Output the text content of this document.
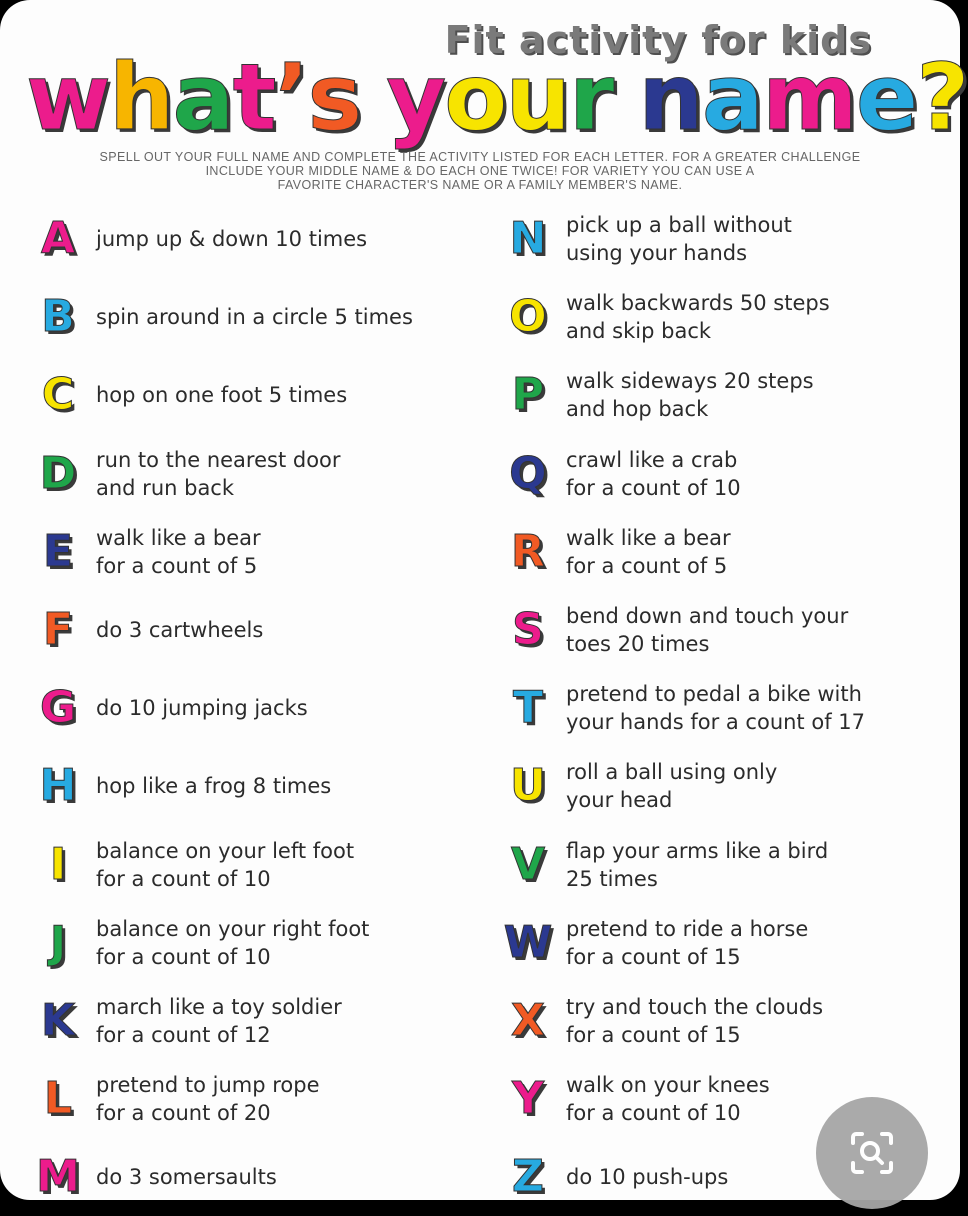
Fit activity for kids
what’s your name?
SPELL OUT YOUR FULL NAME AND COMPLETE THE ACTIVITY LISTED FOR EACH LETTER. FOR A GREATER CHALLENGE
INCLUDE YOUR MIDDLE NAME & DO EACH ONE TWICE! FOR VARIETY YOU CAN USE A
FAVORITE CHARACTER'S NAME OR A FAMILY MEMBER'S NAME.
A jump up & down 10 times
B	spin around in a circle 5 times
C	hop on one foot 5 times
D run to the nearest door
and run back
E	walk like a bear
for a count of 5
F	do 3 cartwheels
G do 10 jumping jacks
H hop like a frog 8 times
I	balance on your left foot
for a count of 10
J	balance on your right foot
for a count of 10
K march like a toy soldier
for a count of 12
L	pretend to jump rope
for a count of 20
M do 3 somersaults
N pick up a ball without
using your hands
O walk backwards 50 steps
and skip back
P	walk sideways 20 steps
and hop back
Q crawl like a crab
for a count of 10
R	walk like a bear
for a count of 5
S	bend down and touch your
toes 20 times
T	pretend to pedal a bike with
your hands for a count of 17
U roll a ball using only
your head
V flap your arms like a bird
25 times
W pretend to ride a horse
for a count of 15
X	try and touch the clouds
for a count of 15
Y	walk on your knees
for a count of 10
Z	do 10 push-ups
